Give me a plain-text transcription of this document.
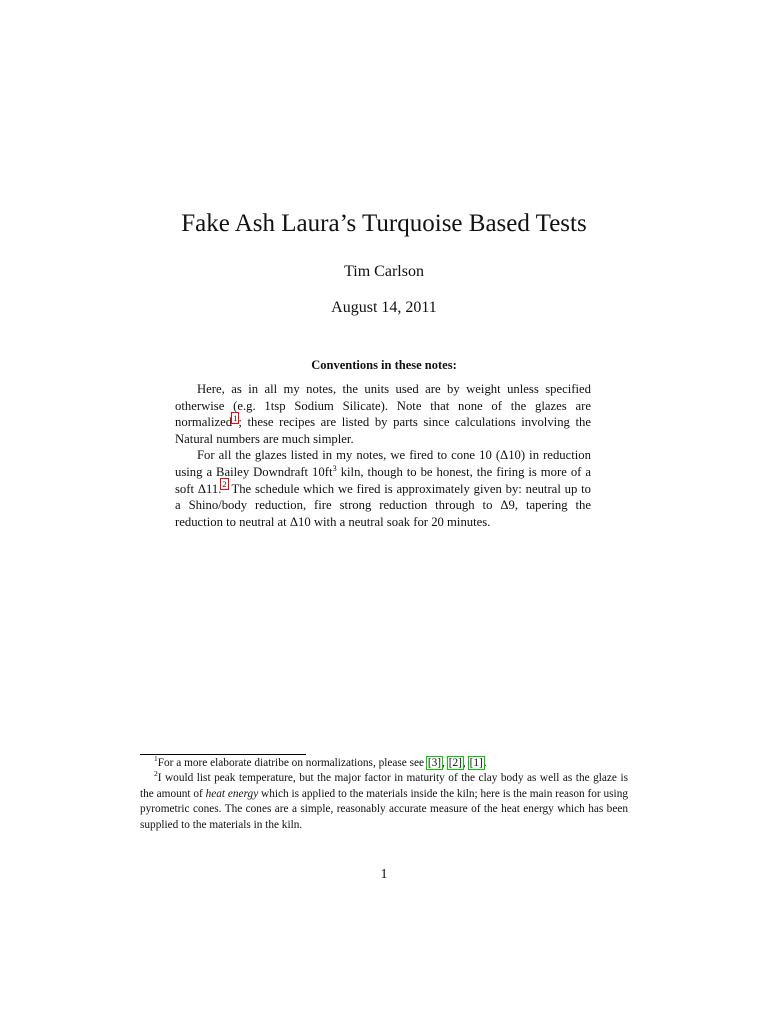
Fake Ash Laura’s Turquoise Based Tests
Tim Carlson
August 14, 2011
Conventions in these notes:

Here, as in all my notes, the units used are by weight unless specified otherwise (e.g. 1tsp Sodium Silicate). Note that none of the glazes are normalized$^1$; these recipes are listed by parts since calculations involving the Natural numbers are much simpler.

For all the glazes listed in my notes, we fired to cone 10 (Δ10) in reduction using a Bailey Downdraft $10ft^3$ kiln, though to be honest, the firing is more of a soft Δ11.$^2$ The schedule which we fired is approximately given by: neutral up to a Shino/body reduction, fire strong reduction through to Δ9, tapering the reduction to neutral at Δ10 with a neutral soak for 20 minutes.

$^1$For a more elaborate diatribe on normalizations, please see [3], [2], [1].

$^2$I would list peak temperature, but the major factor in maturity of the clay body as well as the glaze is the amount of heat energy which is applied to the materials inside the kiln; here is the main reason for using pyrometric cones. The cones are a simple, reasonably accurate measure of the heat energy which has been supplied to the materials in the kiln.

1
